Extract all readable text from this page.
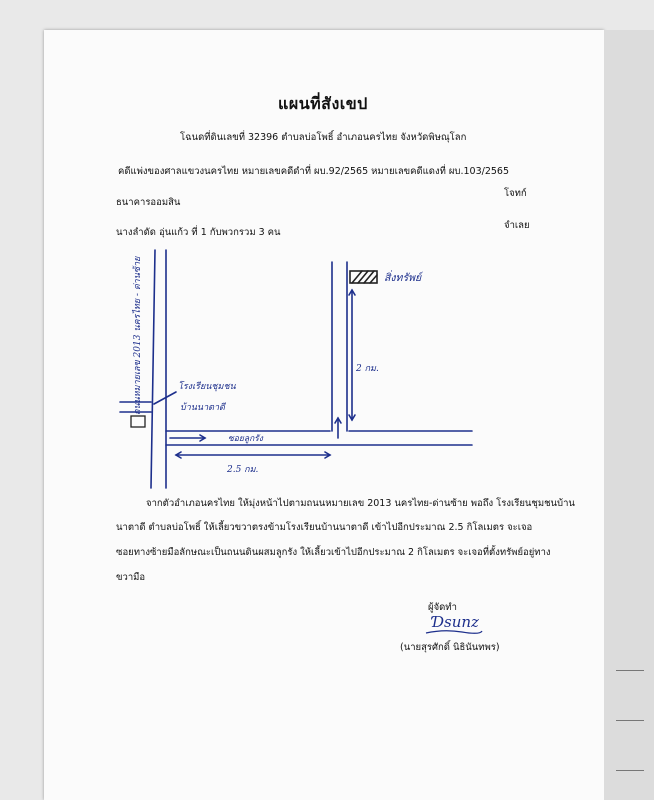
แผนที่สังเขป
โฉนดที่ดินเลขที่ 32396 ตำบลบ่อโพธิ์ อำเภอนครไทย จังหวัดพิษณุโลก
คดีแพ่งของศาลแขวงนครไทย หมายเลขคดีดำที่ ผบ.92/2565 หมายเลขคดีแดงที่ ผบ.103/2565
ธนาคารออมสิน
โจทก์
นางลำดัด อุ่นแก้ว ที่ 1 กับพวกรวม 3 คน
จำเลย
ถนนหมายเลข 2013 นครไทย - ด่านซ้าย	โรงเรียนชุมชน
บ้านนาตาดี
ซอยลูกรัง
สิ่งทรัพย์
2 กม.
2.5 กม.
จากตัวอำเภอนครไทย ให้มุ่งหน้าไปตามถนนหมายเลข 2013 นครไทย-ด่านซ้าย พอถึง โรงเรียนชุมชนบ้าน
นาตาดี ตำบลบ่อโพธิ์ ให้เลี้ยวขวาตรงข้ามโรงเรียนบ้านนาตาดี เข้าไปอีกประมาณ 2.5 กิโลเมตร จะเจอ
ซอยทางซ้ายมือลักษณะเป็นถนนดินผสมลูกรัง ให้เลี้ยวเข้าไปอีกประมาณ 2 กิโลเมตร จะเจอที่ตั้งทรัพย์อยู่ทาง
ขวามือ
ผู้จัดทำ
Ɗsunz
(นายสุรศักดิ์ นิธินันทพร)
